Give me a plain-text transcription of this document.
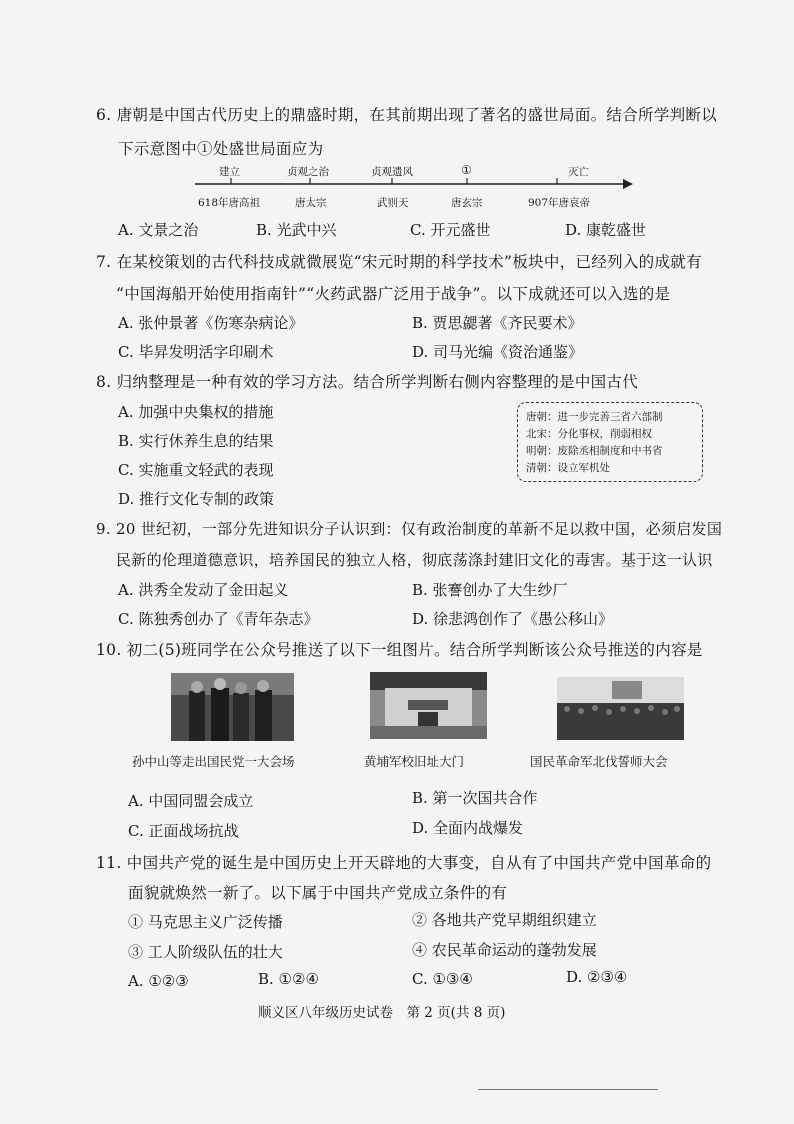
6. 唐朝是中国古代历史上的鼎盛时期，在其前期出现了著名的盛世局面。结合所学判断以
下示意图中①处盛世局面应为
建立	贞观之治	贞观遗风	①	灭亡
618年唐高祖	唐太宗	武则天	唐玄宗	907年唐哀帝
A. 文景之治	B. 光武中兴	C. 开元盛世	D. 康乾盛世
7. 在某校策划的古代科技成就微展览“宋元时期的科学技术”板块中，已经列入的成就有
“中国海船开始使用指南针”“火药武器广泛用于战争”。以下成就还可以入选的是
A. 张仲景著《伤寒杂病论》	B. 贾思勰著《齐民要术》
C. 毕昇发明活字印刷术	D. 司马光编《资治通鉴》
8. 归纳整理是一种有效的学习方法。结合所学判断右侧内容整理的是中国古代
A. 加强中央集权的措施
B. 实行休养生息的结果
C. 实施重文轻武的表现
D. 推行文化专制的政策
唐朝：进一步完善三省六部制
北宋：分化事权，削弱相权
明朝：废除丞相制度和中书省
清朝：设立军机处
9. 20 世纪初，一部分先进知识分子认识到：仅有政治制度的革新不足以救中国，必须启发国
民新的伦理道德意识，培养国民的独立人格，彻底荡涤封建旧文化的毒害。基于这一认识
A. 洪秀全发动了金田起义	B. 张謇创办了大生纱厂
C. 陈独秀创办了《青年杂志》	D. 徐悲鸿创作了《愚公移山》
10. 初二(5)班同学在公众号推送了以下一组图片。结合所学判断该公众号推送的内容是
孙中山等走出国民党一大会场	黄埔军校旧址大门	国民革命军北伐誓师大会
A. 中国同盟会成立	B. 第一次国共合作
C. 正面战场抗战	D. 全面内战爆发
11. 中国共产党的诞生是中国历史上开天辟地的大事变，自从有了中国共产党中国革命的
面貌就焕然一新了。以下属于中国共产党成立条件的有
① 马克思主义广泛传播	② 各地共产党早期组织建立
③ 工人阶级队伍的壮大	④ 农民革命运动的蓬勃发展
A. ①②③	B. ①②④	C. ①③④	D. ②③④
顺义区八年级历史试卷　第 2 页(共 8 页)
